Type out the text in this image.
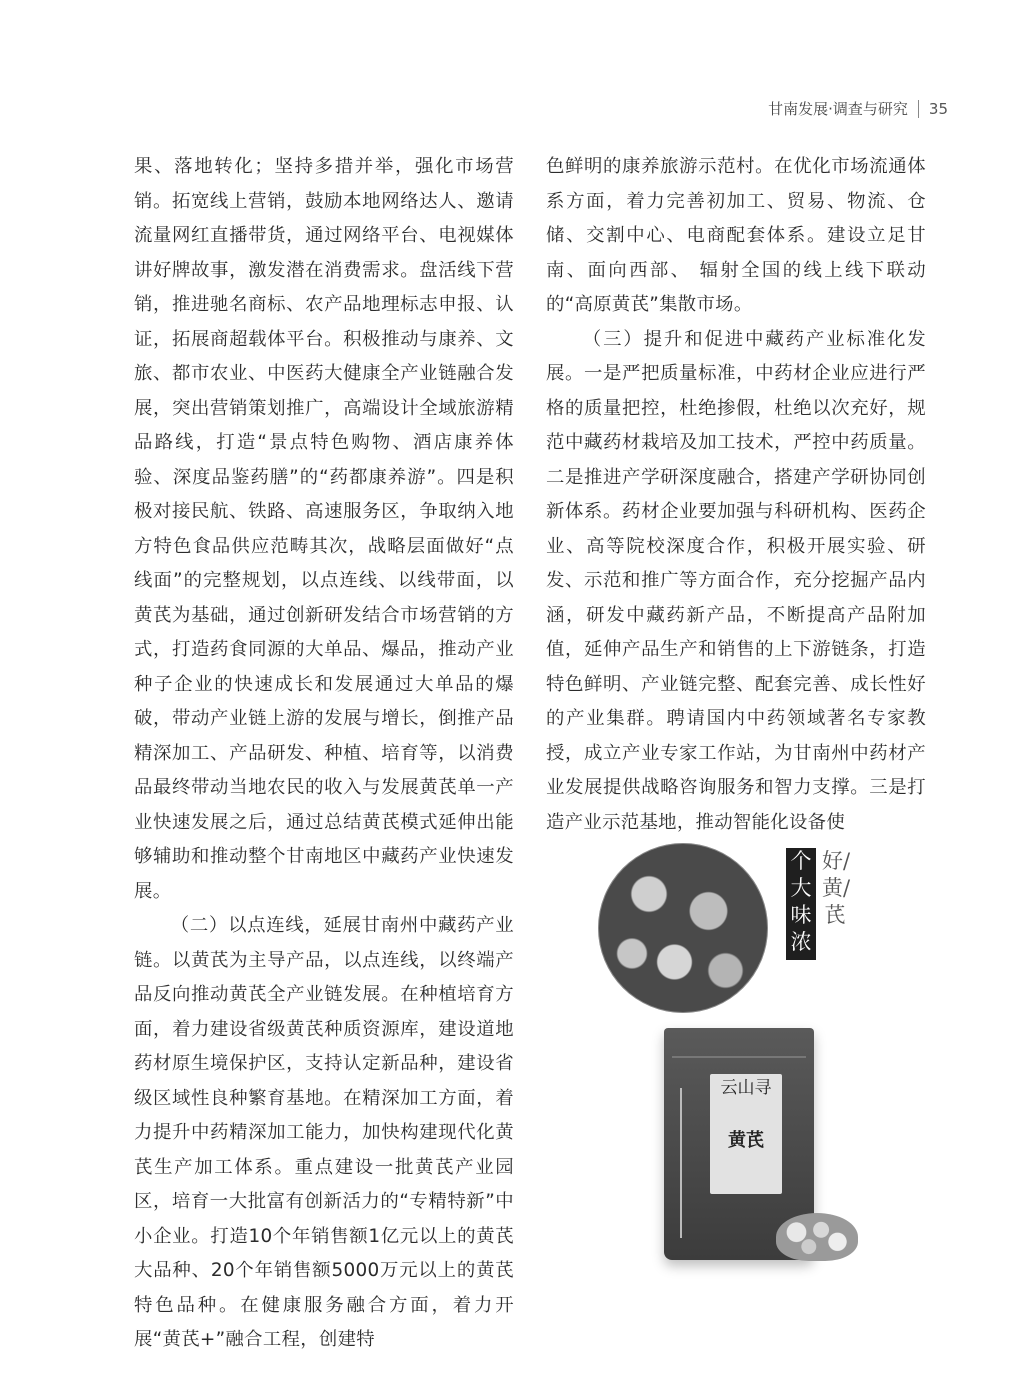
甘南发展·调查与研究 35

果、落地转化；坚持多措并举，强化市场营销。拓宽线上营销，鼓励本地网络达人、邀请流量网红直播带货，通过网络平台、电视媒体讲好牌故事，激发潜在消费需求。盘活线下营销，推进驰名商标、农产品地理标志申报、认证，拓展商超载体平台。积极推动与康养、文旅、都市农业、中医药大健康全产业链融合发展，突出营销策划推广，高端设计全域旅游精品路线，打造“景点特色购物、酒店康养体验、深度品鉴药膳”的“药都康养游”。四是积极对接民航、铁路、高速服务区，争取纳入地方特色食品供应范畴其次，战略层面做好“点线面”的完整规划，以点连线、以线带面，以黄芪为基础，通过创新研发结合市场营销的方式，打造药食同源的大单品、爆品，推动产业种子企业的快速成长和发展通过大单品的爆破，带动产业链上游的发展与增长，倒推产品精深加工、产品研发、种植、培育等，以消费品最终带动当地农民的收入与发展黄芪单一产业快速发展之后，通过总结黄芪模式延伸出能够辅助和推动整个甘南地区中藏药产业快速发展。

（二）以点连线，延展甘南州中藏药产业链。以黄芪为主导产品，以点连线，以终端产品反向推动黄芪全产业链发展。在种植培育方面，着力建设省级黄芪种质资源库，建设道地药材原生境保护区，支持认定新品种，建设省级区域性良种繁育基地。在精深加工方面，着力提升中药精深加工能力，加快构建现代化黄芪生产加工体系。重点建设一批黄芪产业园区，培育一大批富有创新活力的“专精特新”中小企业。打造10个年销售额1亿元以上的黄芪大品种、20个年销售额5000万元以上的黄芪特色品种。在健康服务融合方面，着力开展“黄芪+”融合工程，创建特

色鲜明的康养旅游示范村。在优化市场流通体系方面，着力完善初加工、贸易、物流、仓储、交割中心、电商配套体系。建设立足甘南、面向西部、 辐射全国的线上线下联动的“高原黄芪”集散市场。

（三）提升和促进中藏药产业标准化发展。一是严把质量标准，中药材企业应进行严格的质量把控，杜绝掺假，杜绝以次充好，规范中藏药材栽培及加工技术，严控中药质量。二是推进产学研深度融合，搭建产学研协同创新体系。药材企业要加强与科研机构、医药企业、高等院校深度合作，积极开展实验、研发、示范和推广等方面合作，充分挖掘产品内涵，研发中藏药新产品，不断提高产品附加值，延伸产品生产和销售的上下游链条，打造特色鲜明、产业链完整、配套完善、成长性好的产业集群。聘请国内中药领域著名专家教授，成立产业专家工作站，为甘南州中药材产业发展提供战略咨询服务和智力支撑。三是打造产业示范基地，推动智能化设备使

个大味浓
好/黄/芪
云山寻
黄芪
